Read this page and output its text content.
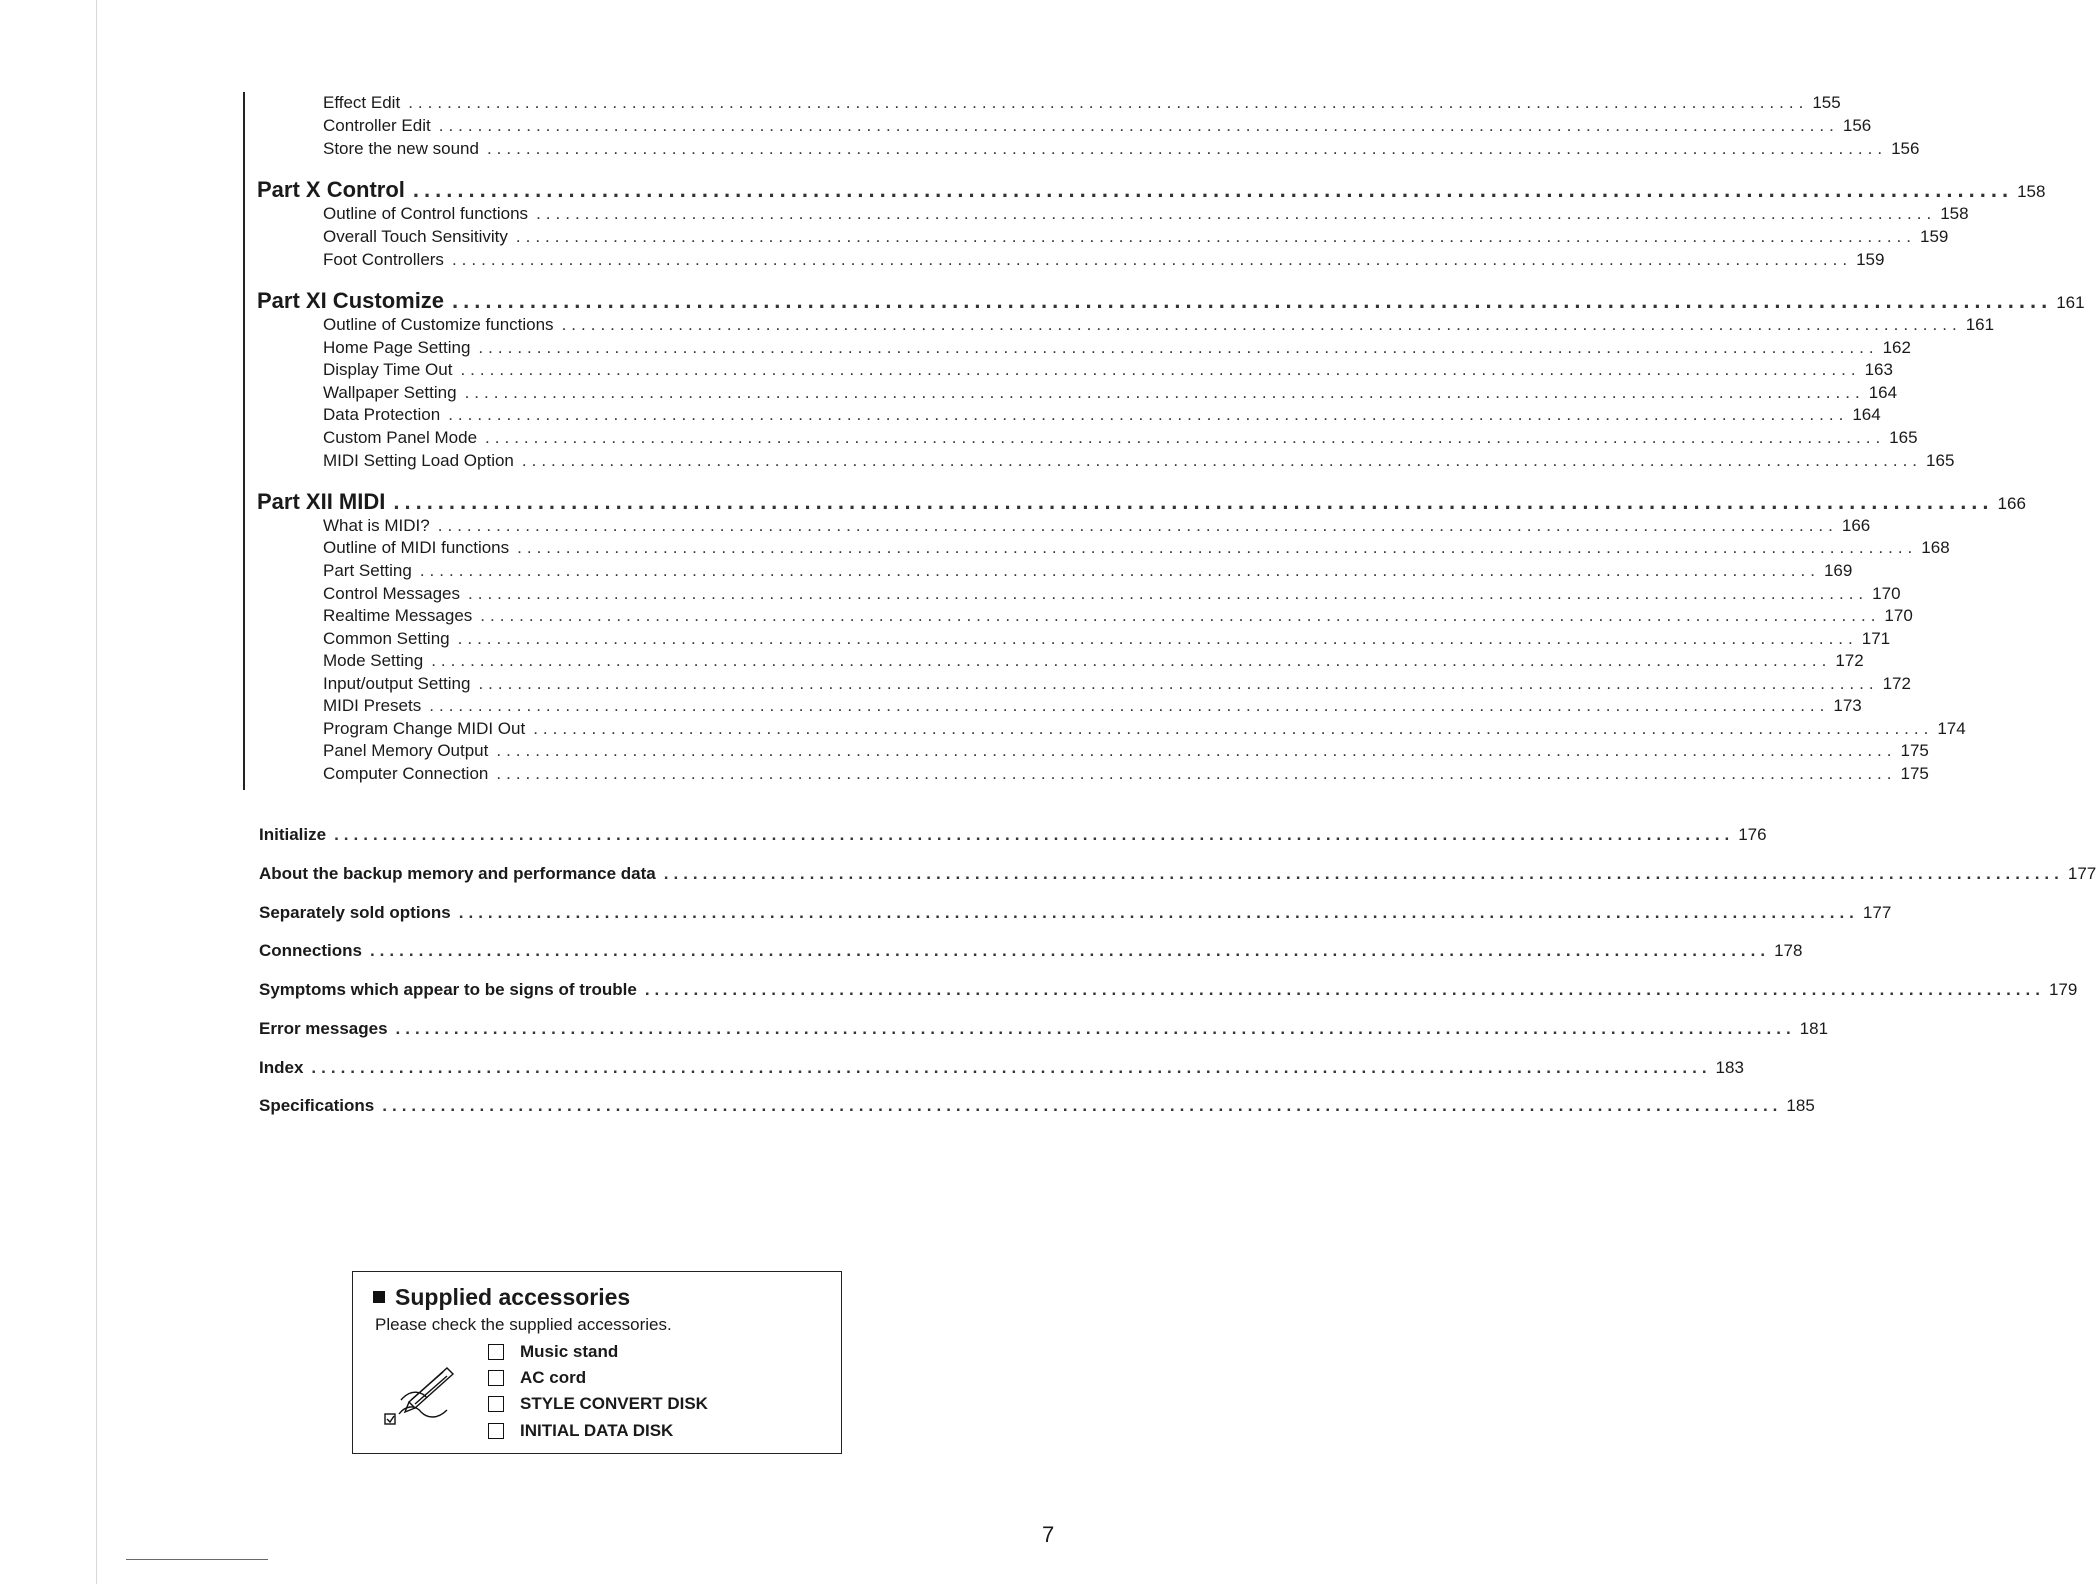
Effect Edit ................................................................................................................................................ 155
Controller Edit ................................................................................................................................................ 156
Store the new sound ................................................................................................................................................ 156
Part X Control ................................................................................................................................................ 158
Outline of Control functions ................................................................................................................................................ 158
Overall Touch Sensitivity ................................................................................................................................................ 159
Foot Controllers ................................................................................................................................................ 159
Part XI Customize ................................................................................................................................................ 161
Outline of Customize functions ................................................................................................................................................ 161
Home Page Setting ................................................................................................................................................ 162
Display Time Out ................................................................................................................................................ 163
Wallpaper Setting ................................................................................................................................................ 164
Data Protection ................................................................................................................................................ 164
Custom Panel Mode ................................................................................................................................................ 165
MIDI Setting Load Option ................................................................................................................................................ 165
Part XII MIDI ................................................................................................................................................ 166
What is MIDI? ................................................................................................................................................ 166
Outline of MIDI functions ................................................................................................................................................ 168
Part Setting ................................................................................................................................................ 169
Control Messages ................................................................................................................................................ 170
Realtime Messages ................................................................................................................................................ 170
Common Setting ................................................................................................................................................ 171
Mode Setting ................................................................................................................................................ 172
Input/output Setting ................................................................................................................................................ 172
MIDI Presets ................................................................................................................................................ 173
Program Change MIDI Out ................................................................................................................................................ 174
Panel Memory Output ................................................................................................................................................ 175
Computer Connection ................................................................................................................................................ 175
Initialize ................................................................................................................................................ 176
About the backup memory and performance data ................................................................................................................................................ 177
Separately sold options ................................................................................................................................................ 177
Connections ................................................................................................................................................ 178
Symptoms which appear to be signs of trouble ................................................................................................................................................ 179
Error messages ................................................................................................................................................ 181
Index ................................................................................................................................................ 183
Specifications ................................................................................................................................................ 185
Supplied accessories
Please check the supplied accessories.
Music stand
AC cord
STYLE CONVERT DISK
INITIAL DATA DISK
7
